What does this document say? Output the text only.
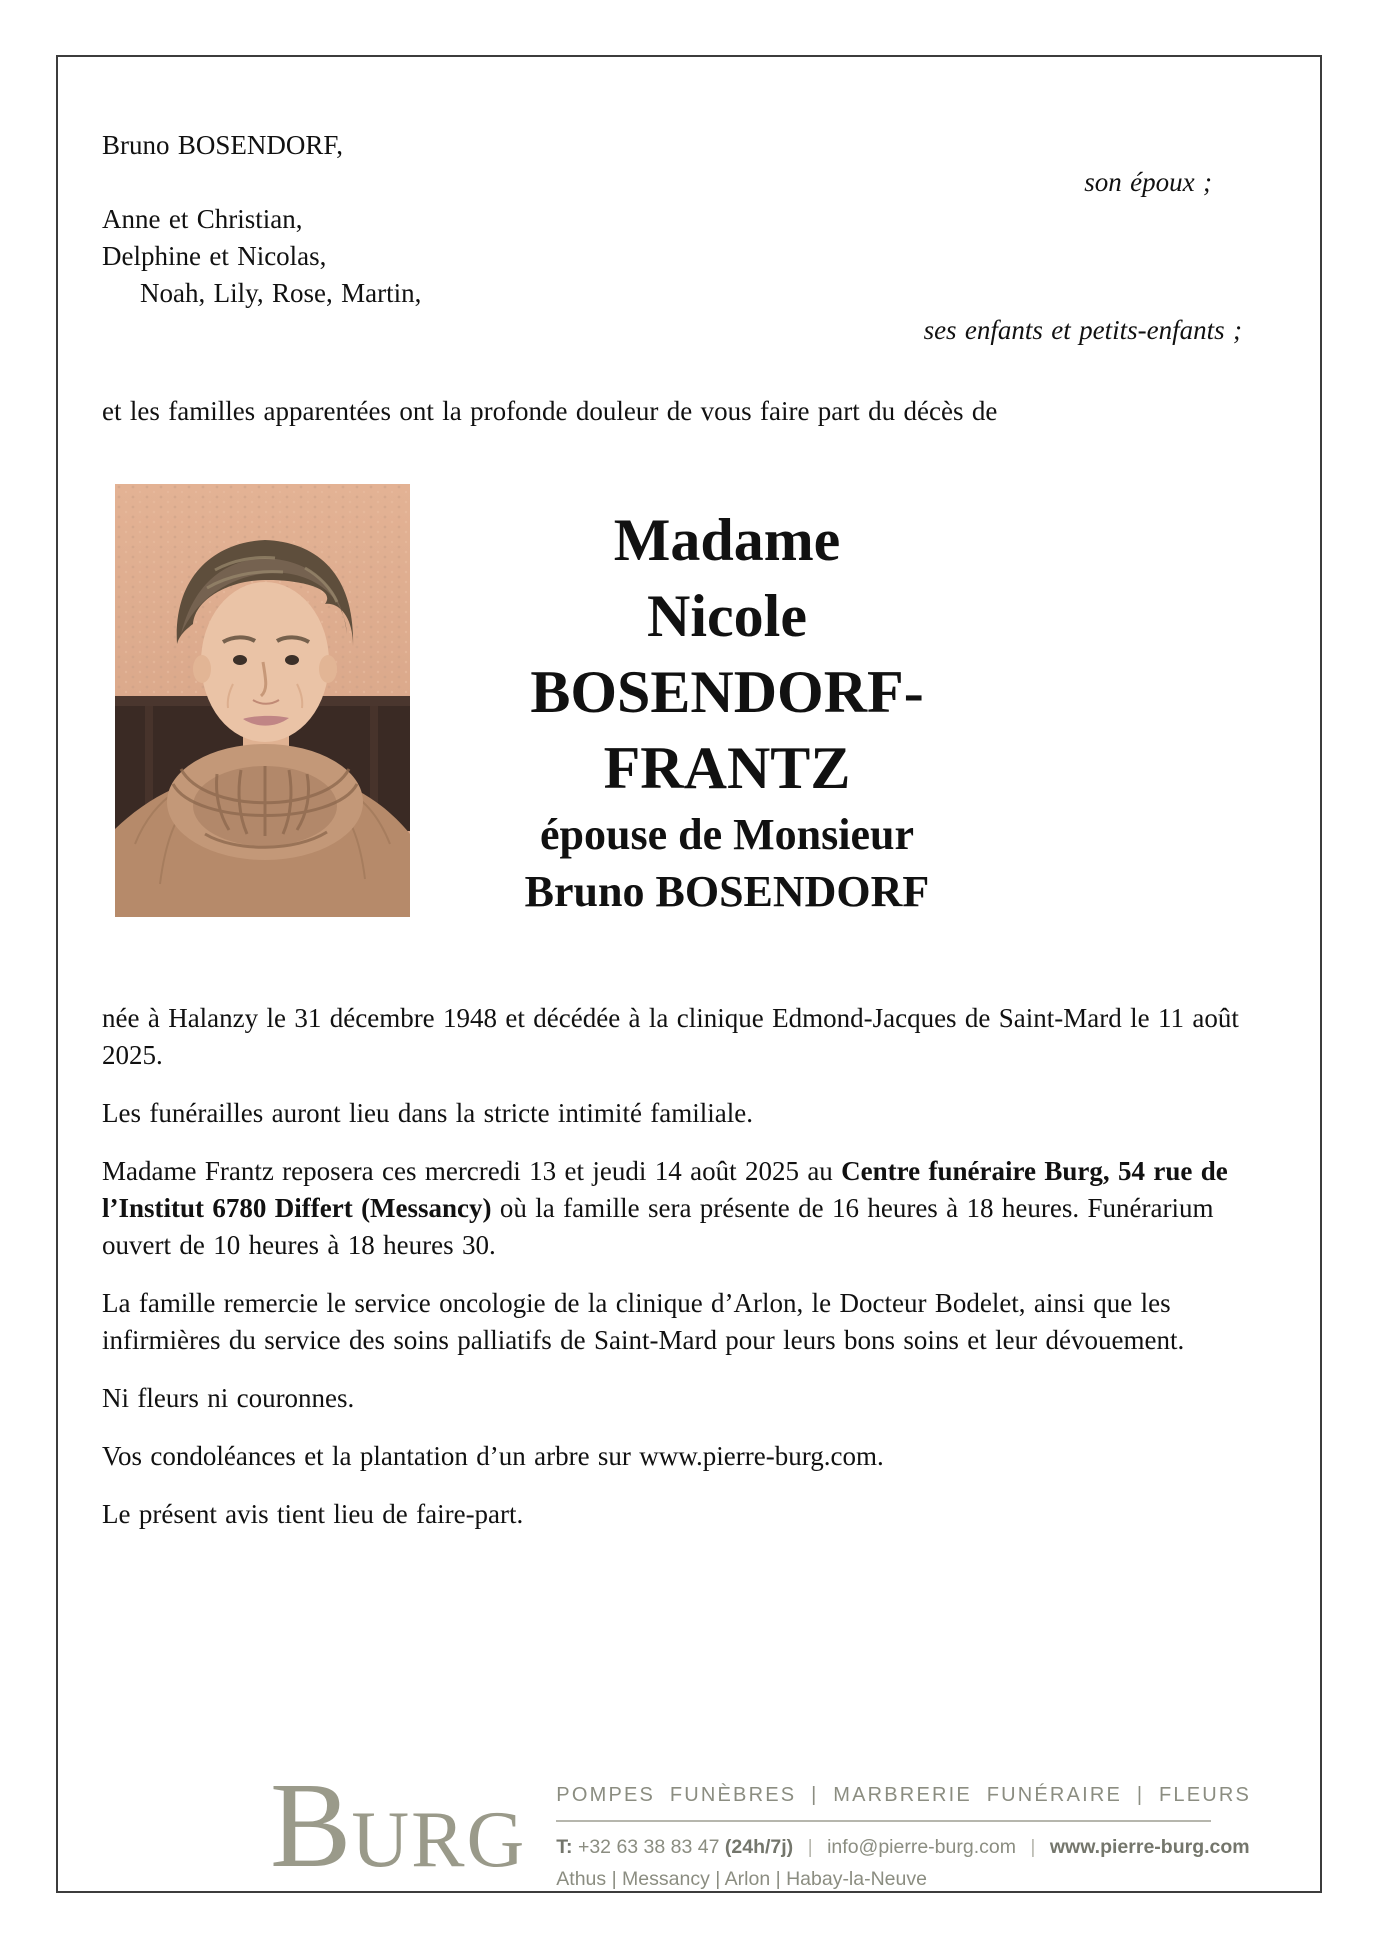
Bruno BOSENDORF,
son époux ;
Anne et Christian,
Delphine et Nicolas,
Noah, Lily, Rose, Martin,
ses enfants et petits-enfants ;
et les familles apparentées ont la profonde douleur de vous faire part du décès de
Madame
Nicole
BOSENDORF-FRANTZ
épouse de Monsieur
Bruno BOSENDORF

née à Halanzy le 31 décembre 1948 et décédée à la clinique Edmond-Jacques de Saint-Mard le 11 août 2025.

Les funérailles auront lieu dans la stricte intimité familiale.

Madame Frantz reposera ces mercredi 13 et jeudi 14 août 2025 au Centre funéraire Burg, 54 rue de l’Institut 6780 Differt (Messancy) où la famille sera présente de 16 heures à 18 heures. Funérarium ouvert de 10 heures à 18 heures 30.

La famille remercie le service oncologie de la clinique d’Arlon, le Docteur Bodelet, ainsi que les infirmières du service des soins palliatifs de Saint-Mard pour leurs bons soins et leur dévouement.

Ni fleurs ni couronnes.

Vos condoléances et la plantation d’un arbre sur www.pierre-burg.com.

Le présent avis tient lieu de faire-part.

BURG
POMPES FUNÈBRES | MARBRERIE FUNÉRAIRE | FLEURS
T: +32 63 38 83 47 (24h/7j) | info@pierre-burg.com | www.pierre-burg.com
Athus | Messancy | Arlon | Habay-la-Neuve
